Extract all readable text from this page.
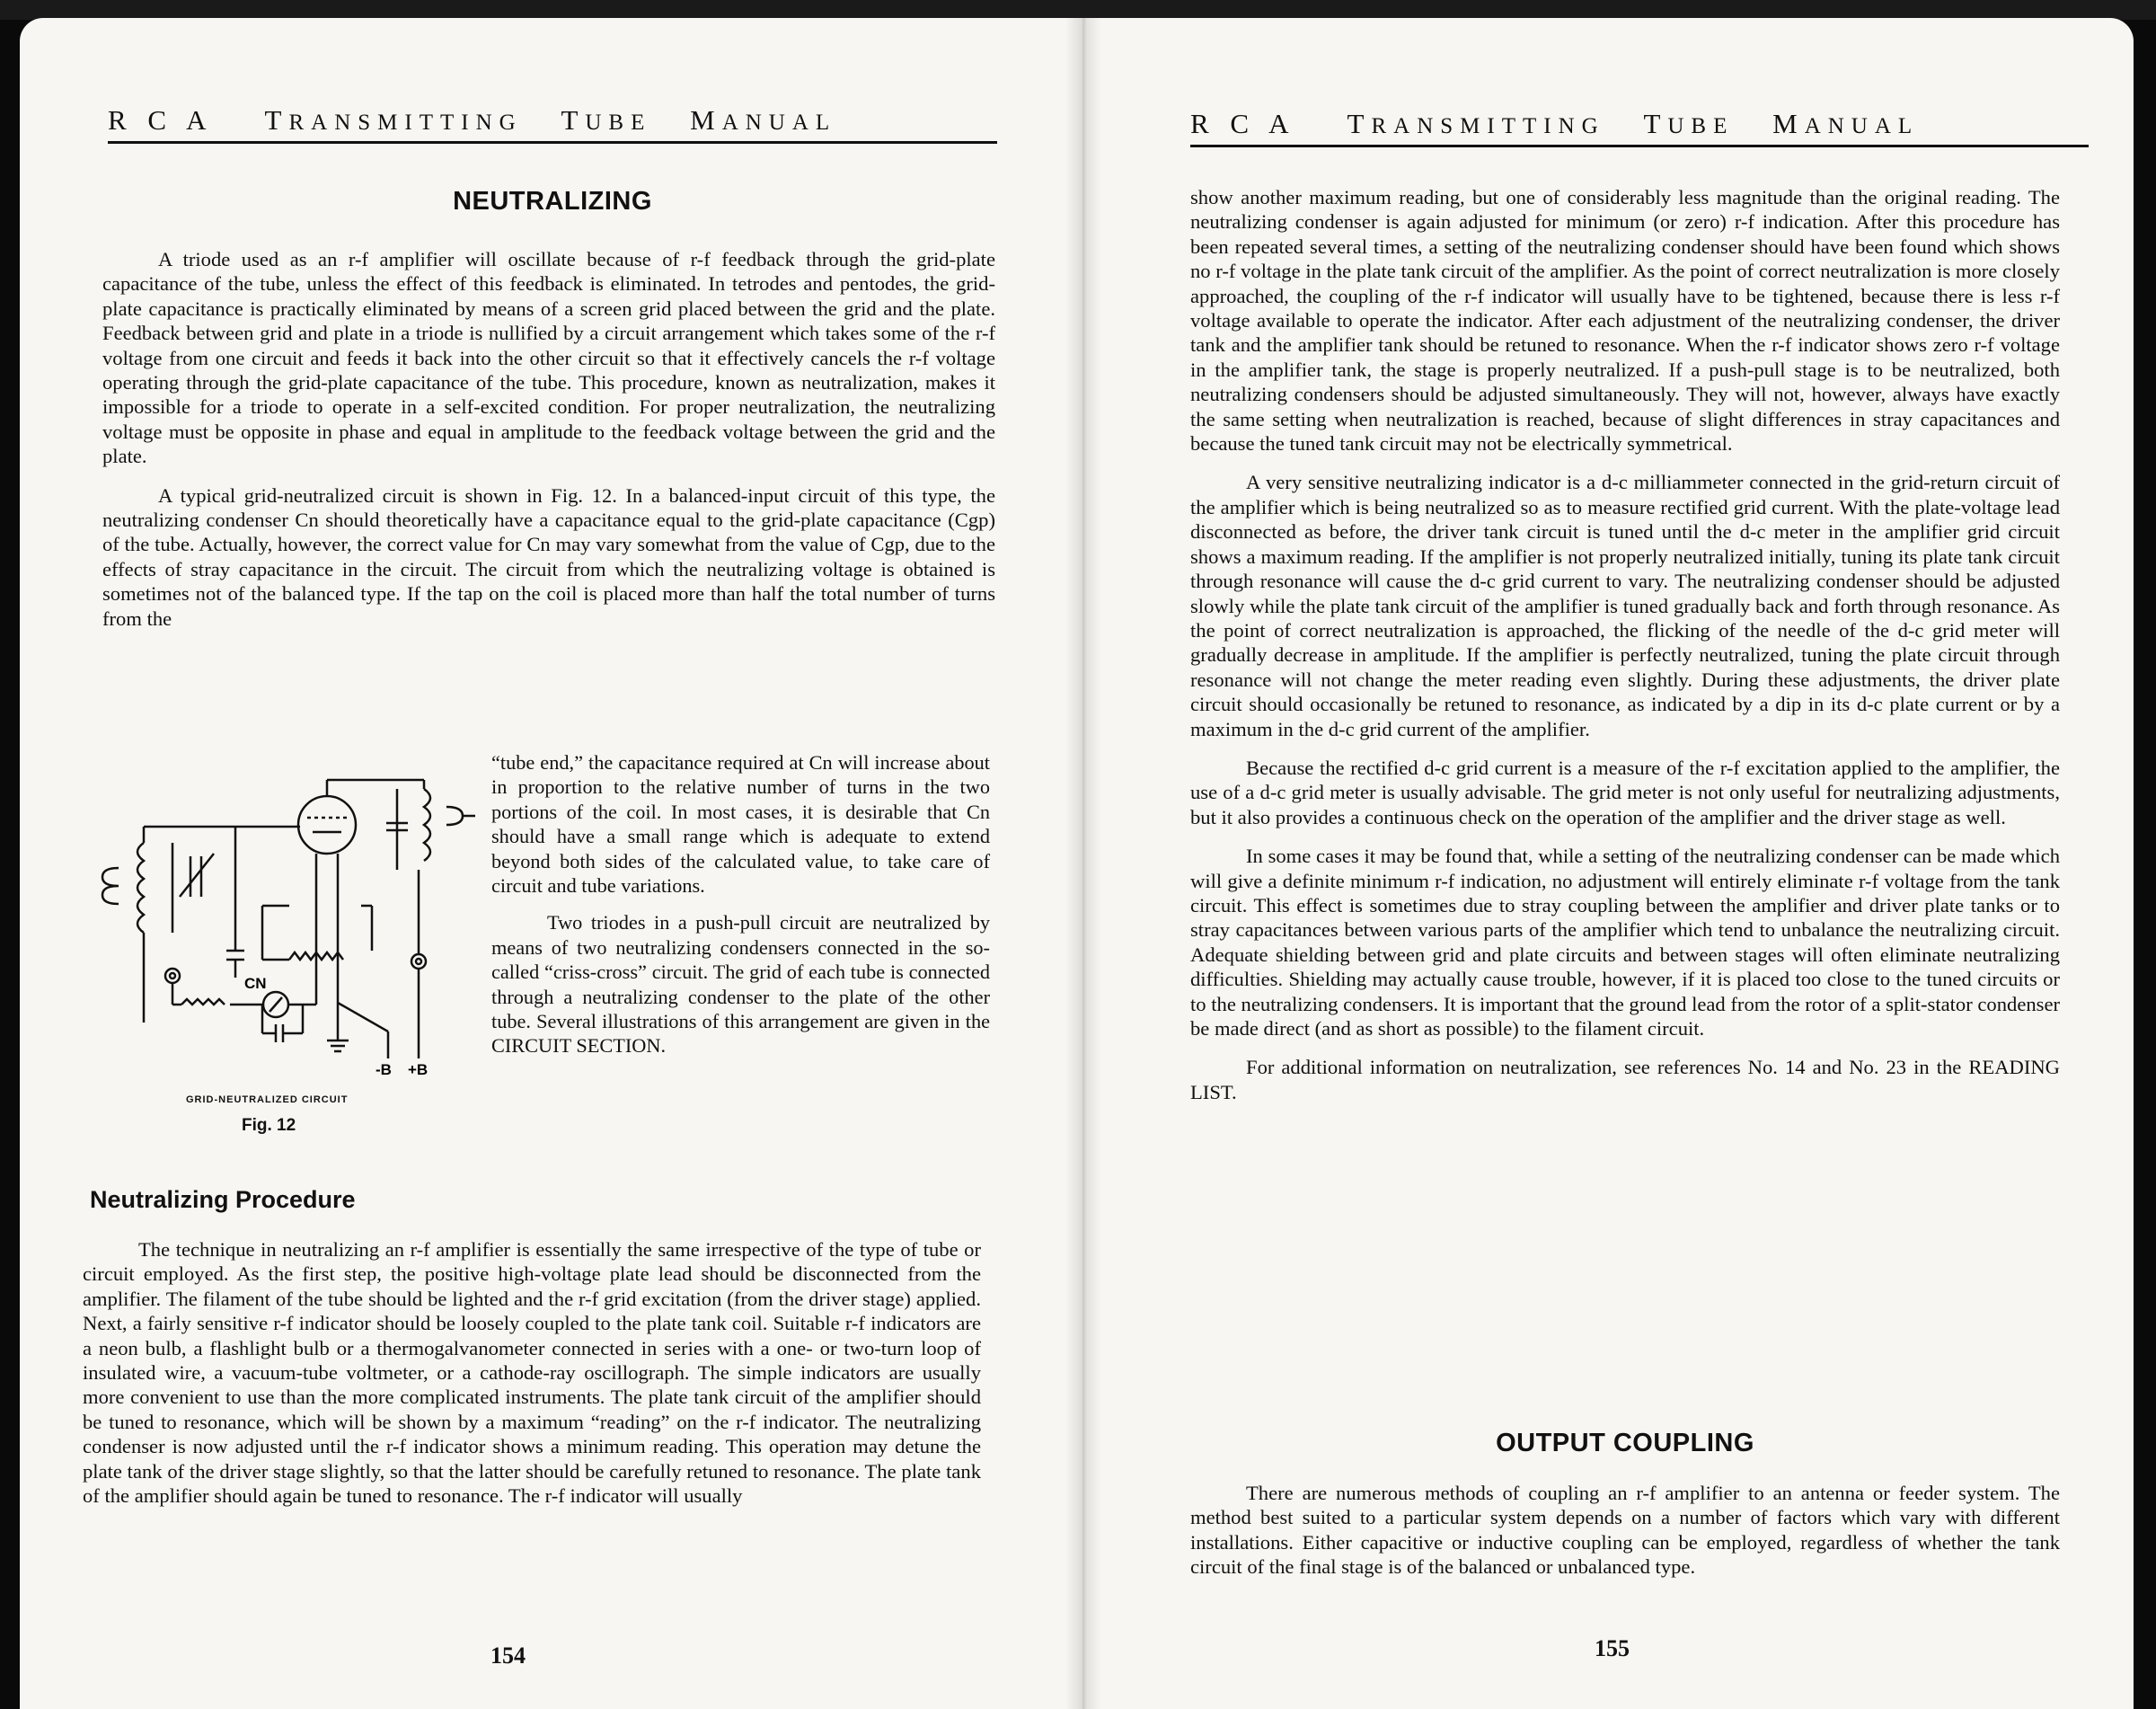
R C A TRANSMITTING   TUBE   MANUAL
NEUTRALIZING

A triode used as an r-f amplifier will oscillate because of r-f feedback through the grid-plate capacitance of the tube, unless the effect of this feedback is eliminated. In tetrodes and pentodes, the grid-plate capacitance is practically eliminated by means of a screen grid placed between the grid and the plate. Feedback between grid and plate in a triode is nullified by a circuit arrangement which takes some of the r-f voltage from one circuit and feeds it back into the other circuit so that it effectively cancels the r-f voltage operating through the grid-plate capacitance of the tube. This procedure, known as neutralization, makes it impossible for a triode to operate in a self-excited condition. For proper neutralization, the neutralizing voltage must be opposite in phase and equal in amplitude to the feedback voltage between the grid and the plate.

A typical grid-neutralized circuit is shown in Fig. 12. In a balanced-input circuit of this type, the neutralizing condenser Cn should theoretically have a capacitance equal to the grid-plate capacitance (Cgp) of the tube. Actually, however, the correct value for Cn may vary somewhat from the value of Cgp, due to the effects of stray capacitance in the circuit. The circuit from which the neutralizing voltage is obtained is sometimes not of the balanced type. If the tap on the coil is placed more than half the total number of turns from the

CN
-B +B
GRID-NEUTRALIZED CIRCUIT
Fig. 12

“tube end,” the capacitance required at Cn will increase about in proportion to the relative number of turns in the two portions of the coil. In most cases, it is desirable that Cn should have a small range which is adequate to extend beyond both sides of the calculated value, to take care of circuit and tube variations.

Two triodes in a push-pull circuit are neutralized by means of two neutralizing condensers connected in the so-called “criss-cross” circuit. The grid of each tube is connected through a neutralizing condenser to the plate of the other tube. Several illustrations of this arrangement are given in the CIRCUIT SECTION.

Neutralizing Procedure

The technique in neutralizing an r-f amplifier is essentially the same irrespective of the type of tube or circuit employed. As the first step, the positive high-voltage plate lead should be disconnected from the amplifier. The filament of the tube should be lighted and the r-f grid excitation (from the driver stage) applied. Next, a fairly sensitive r-f indicator should be loosely coupled to the plate tank coil. Suitable r-f indicators are a neon bulb, a flashlight bulb or a thermogalvanometer connected in series with a one- or two-turn loop of insulated wire, a vacuum-tube voltmeter, or a cathode-ray oscillograph. The simple indicators are usually more convenient to use than the more complicated instruments. The plate tank circuit of the amplifier should be tuned to resonance, which will be shown by a maximum “reading” on the r-f indicator. The neutralizing condenser is now adjusted until the r-f indicator shows a minimum reading. This operation may detune the plate tank of the driver stage slightly, so that the latter should be carefully retuned to resonance. The plate tank of the amplifier should again be tuned to resonance. The r-f indicator will usually

154
R C A TRANSMITTING   TUBE   MANUAL

show another maximum reading, but one of considerably less magnitude than the original reading. The neutralizing condenser is again adjusted for minimum (or zero) r-f indication. After this procedure has been repeated several times, a setting of the neutralizing condenser should have been found which shows no r-f voltage in the plate tank circuit of the amplifier. As the point of correct neutralization is more closely approached, the coupling of the r-f indicator will usually have to be tightened, because there is less r-f voltage available to operate the indicator. After each adjustment of the neutralizing condenser, the driver tank and the amplifier tank should be retuned to resonance. When the r-f indicator shows zero r-f voltage in the amplifier tank, the stage is properly neutralized. If a push-pull stage is to be neutralized, both neutralizing condensers should be adjusted simultaneously. They will not, however, always have exactly the same setting when neutralization is reached, because of slight differences in stray capacitances and because the tuned tank circuit may not be electrically symmetrical.

A very sensitive neutralizing indicator is a d-c milliammeter connected in the grid-return circuit of the amplifier which is being neutralized so as to measure rectified grid current. With the plate-voltage lead disconnected as before, the driver tank circuit is tuned until the d-c meter in the amplifier grid circuit shows a maximum reading. If the amplifier is not properly neutralized initially, tuning its plate tank circuit through resonance will cause the d-c grid current to vary. The neutralizing condenser should be adjusted slowly while the plate tank circuit of the amplifier is tuned gradually back and forth through resonance. As the point of correct neutralization is approached, the flicking of the needle of the d-c grid meter will gradually decrease in amplitude. If the amplifier is perfectly neutralized, tuning the plate circuit through resonance will not change the meter reading even slightly. During these adjustments, the driver plate circuit should occasionally be retuned to resonance, as indicated by a dip in its d-c plate current or by a maximum in the d-c grid current of the amplifier.

Because the rectified d-c grid current is a measure of the r-f excitation applied to the amplifier, the use of a d-c grid meter is usually advisable. The grid meter is not only useful for neutralizing adjustments, but it also provides a continuous check on the operation of the amplifier and the driver stage as well.

In some cases it may be found that, while a setting of the neutralizing condenser can be made which will give a definite minimum r-f indication, no adjustment will entirely eliminate r-f voltage from the tank circuit. This effect is sometimes due to stray coupling between the amplifier and driver plate tanks or to stray capacitances between various parts of the amplifier which tend to unbalance the neutralizing circuit. Adequate shielding between grid and plate circuits and between stages will often eliminate neutralizing difficulties. Shielding may actually cause trouble, however, if it is placed too close to the tuned circuits or to the neutralizing condensers. It is important that the ground lead from the rotor of a split-stator condenser be made direct (and as short as possible) to the filament circuit.

For additional information on neutralization, see references No. 14 and No. 23 in the READING LIST.

OUTPUT COUPLING

There are numerous methods of coupling an r-f amplifier to an antenna or feeder system. The method best suited to a particular system depends on a number of factors which vary with different installations. Either capacitive or inductive coupling can be employed, regardless of whether the tank circuit of the final stage is of the balanced or unbalanced type.

155
